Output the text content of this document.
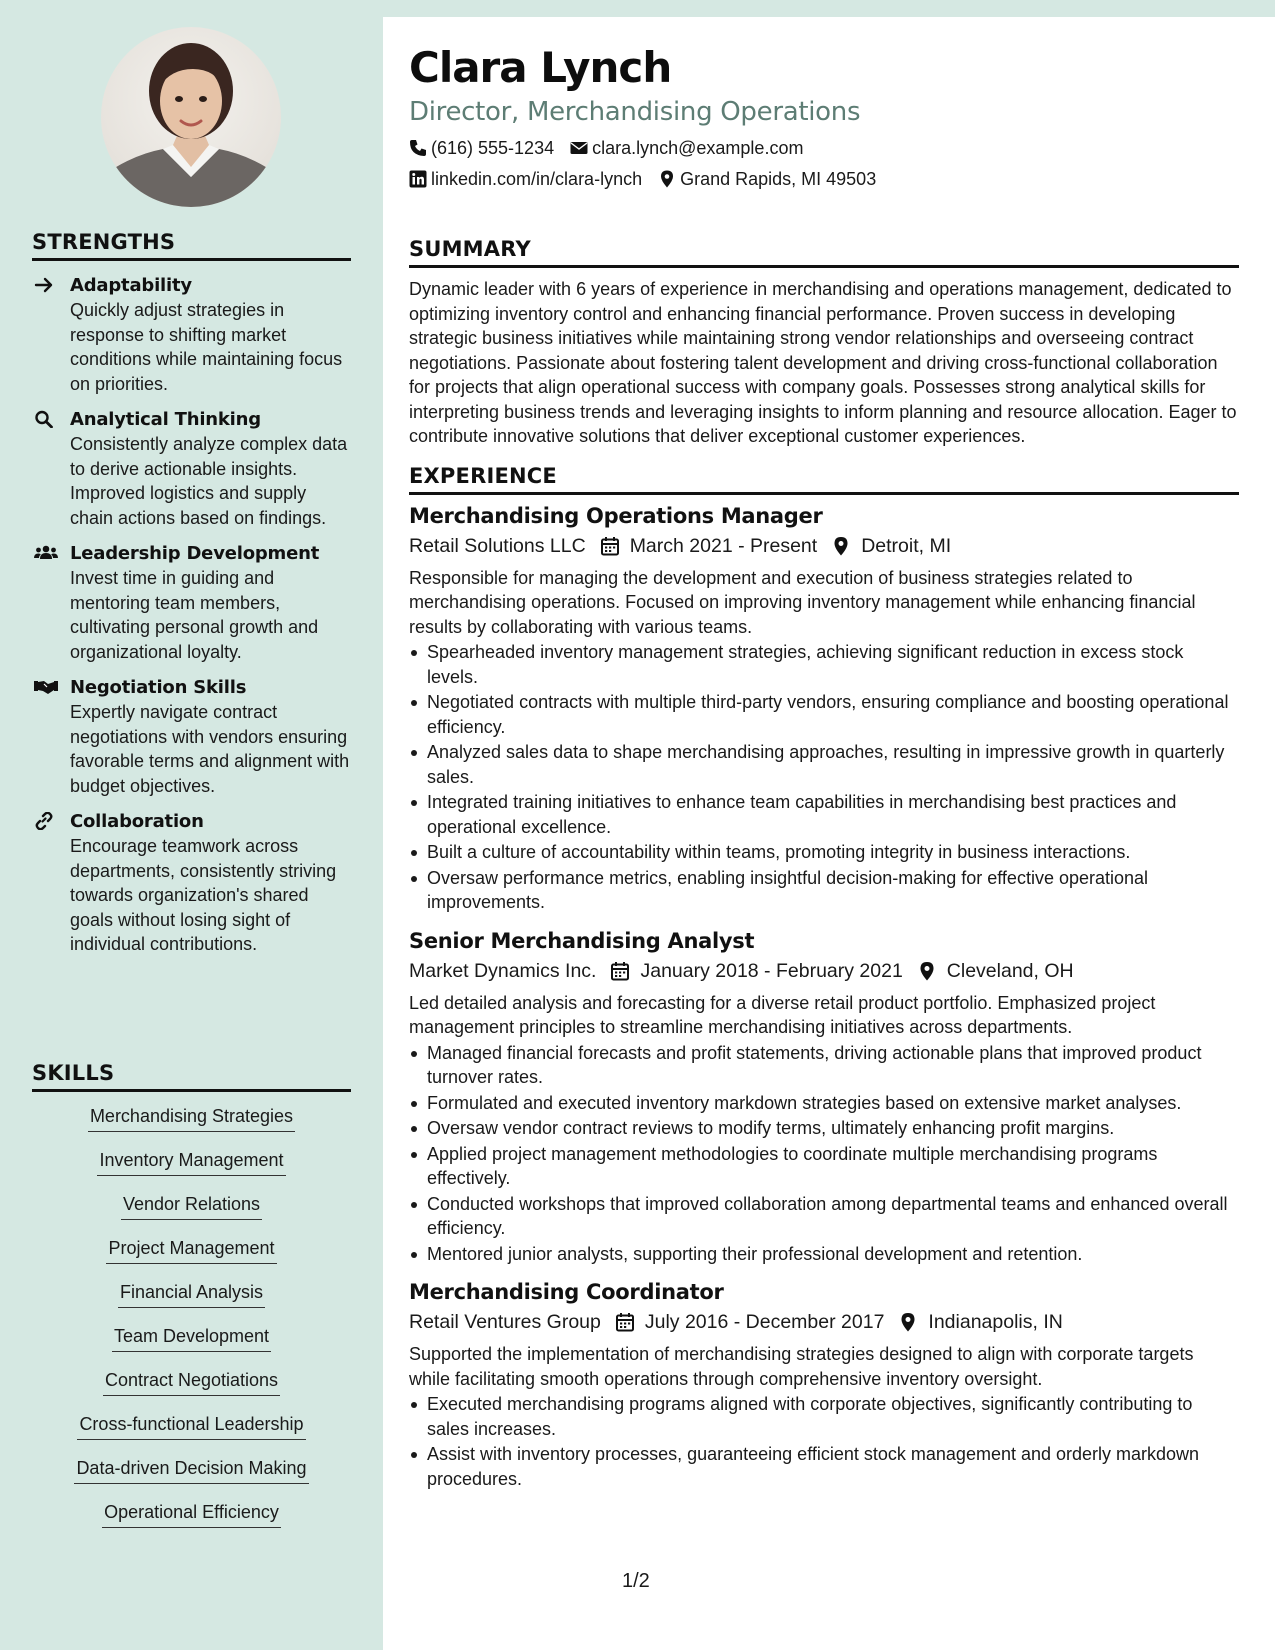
STRENGTHS
Adaptability
Quickly adjust strategies in response to shifting market conditions while maintaining focus on priorities.
Analytical Thinking
Consistently analyze complex data to derive actionable insights. Improved logistics and supply chain actions based on findings.
Leadership Development
Invest time in guiding and mentoring team members, cultivating personal growth and organizational loyalty.
Negotiation Skills
Expertly navigate contract negotiations with vendors ensuring favorable terms and alignment with budget objectives.
Collaboration
Encourage teamwork across departments, consistently striving towards organization's shared goals without losing sight of individual contributions.
SKILLS
Merchandising Strategies
Inventory Management
Vendor Relations
Project Management
Financial Analysis
Team Development
Contract Negotiations
Cross-functional Leadership
Data-driven Decision Making
Operational Efficiency
Clara Lynch
Director, Merchandising Operations
(616) 555-1234 clara.lynch@example.com
linkedin.com/in/clara-lynch Grand Rapids, MI 49503
SUMMARY
Dynamic leader with 6 years of experience in merchandising and operations management, dedicated to optimizing inventory control and enhancing financial performance. Proven success in developing strategic business initiatives while maintaining strong vendor relationships and overseeing contract negotiations. Passionate about fostering talent development and driving cross-functional collaboration for projects that align operational success with company goals. Possesses strong analytical skills for interpreting business trends and leveraging insights to inform planning and resource allocation. Eager to contribute innovative solutions that deliver exceptional customer experiences.
EXPERIENCE
Merchandising Operations Manager
Retail Solutions LLC March 2021 - Present Detroit, MI
Responsible for managing the development and execution of business strategies related to merchandising operations. Focused on improving inventory management while enhancing financial results by collaborating with various teams.
Spearheaded inventory management strategies, achieving significant reduction in excess stock levels.
Negotiated contracts with multiple third-party vendors, ensuring compliance and boosting operational efficiency.
Analyzed sales data to shape merchandising approaches, resulting in impressive growth in quarterly sales.
Integrated training initiatives to enhance team capabilities in merchandising best practices and operational excellence.
Built a culture of accountability within teams, promoting integrity in business interactions.
Oversaw performance metrics, enabling insightful decision-making for effective operational improvements.
Senior Merchandising Analyst
Market Dynamics Inc. January 2018 - February 2021 Cleveland, OH
Led detailed analysis and forecasting for a diverse retail product portfolio. Emphasized project management principles to streamline merchandising initiatives across departments.
Managed financial forecasts and profit statements, driving actionable plans that improved product turnover rates.
Formulated and executed inventory markdown strategies based on extensive market analyses.
Oversaw vendor contract reviews to modify terms, ultimately enhancing profit margins.
Applied project management methodologies to coordinate multiple merchandising programs effectively.
Conducted workshops that improved collaboration among departmental teams and enhanced overall efficiency.
Mentored junior analysts, supporting their professional development and retention.
Merchandising Coordinator
Retail Ventures Group July 2016 - December 2017 Indianapolis, IN
Supported the implementation of merchandising strategies designed to align with corporate targets while facilitating smooth operations through comprehensive inventory oversight.
Executed merchandising programs aligned with corporate objectives, significantly contributing to sales increases.
Assist with inventory processes, guaranteeing efficient stock management and orderly markdown procedures.
1/2
